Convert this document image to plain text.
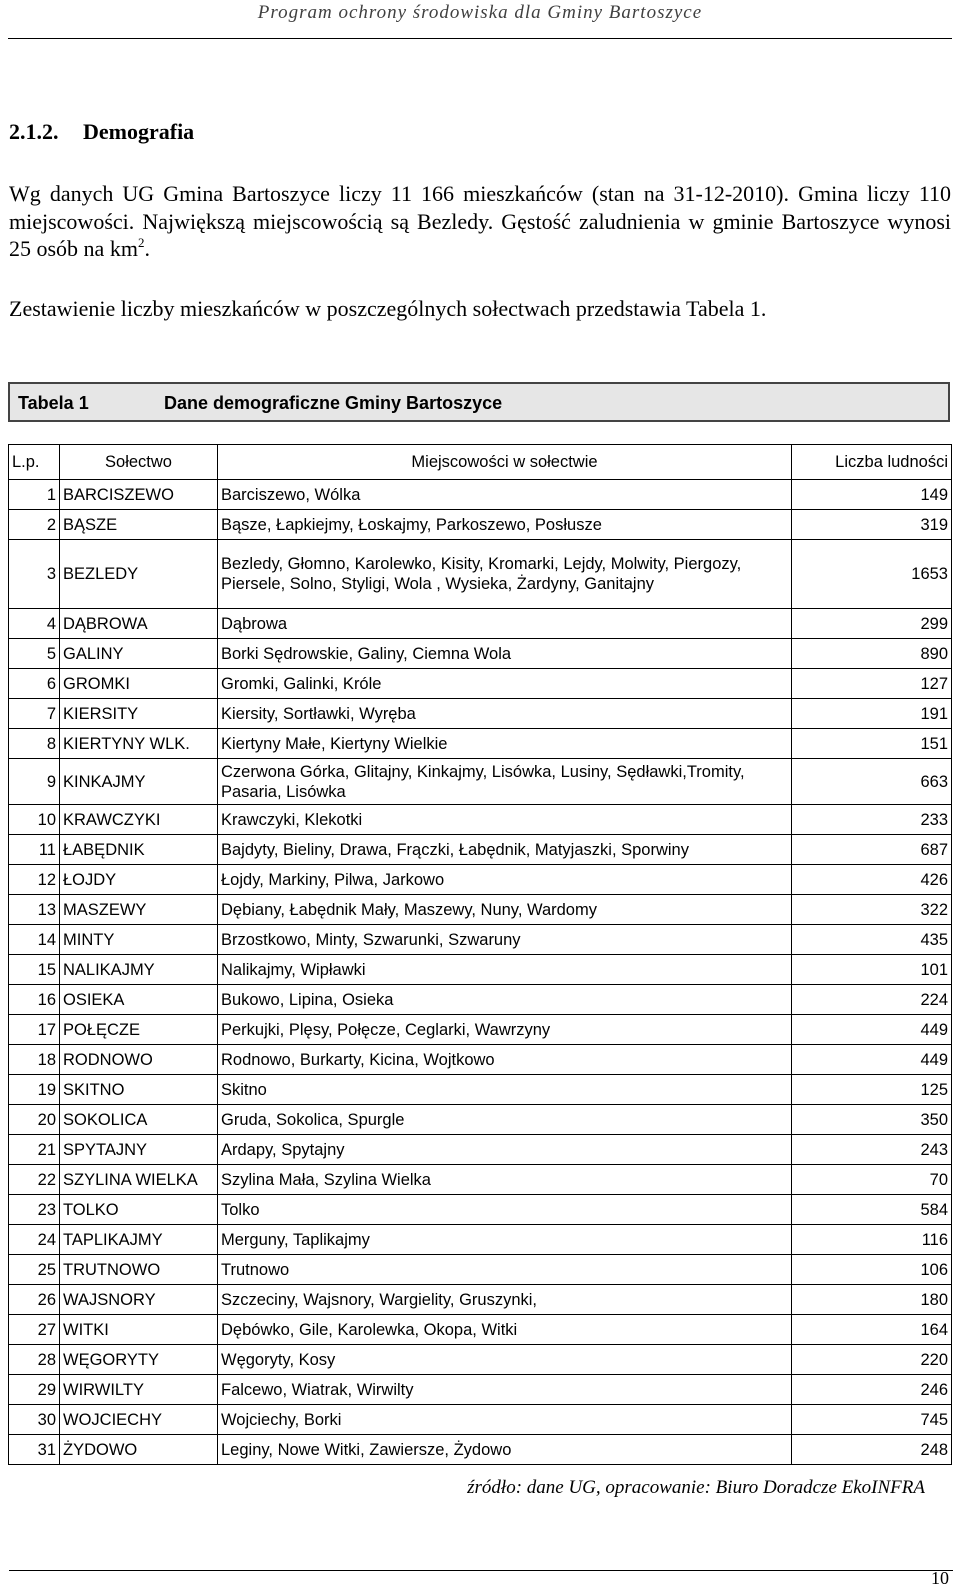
Program ochrony środowiska dla Gminy Bartoszyce
2.1.2. Demografia
Wg danych UG Gmina Bartoszyce liczy 11 166 mieszkańców (stan na 31-12-2010). Gmina liczy 110 miejscowości. Największą miejscowością są Bezledy. Gęstość zaludnienia w gminie Bartoszyce wynosi 25 osób na $km^2$.
Zestawienie liczby mieszkańców w poszczególnych sołectwach przedstawia Tabela 1.
Tabela 1	Dane demograficzne Gminy Bartoszyce
L.p.	Sołectwo	Miejscowości w sołectwie	Liczba ludności
1	BARCISZEWO	Barciszewo, Wólka	149
2	BĄSZE	Bąsze, Łapkiejmy, Łoskajmy, Parkoszewo, Posłusze	319
3	BEZLEDY	Bezledy, Głomno, Karolewko, Kisity, Kromarki, Lejdy, Molwity, Piergozy, Piersele, Solno, Styligi, Wola , Wysieka, Żardyny, Ganitajny	1653
4	DĄBROWA	Dąbrowa	299
5	GALINY	Borki Sędrowskie, Galiny, Ciemna Wola	890
6	GROMKI	Gromki, Galinki, Króle	127
7	KIERSITY	Kiersity, Sortławki, Wyręba	191
8	KIERTYNY WLK.	Kiertyny Małe, Kiertyny Wielkie	151
9	KINKAJMY	Czerwona Górka, Glitajny, Kinkajmy, Lisówka, Lusiny, Sędławki,Tromity, Pasaria, Lisówka	663
10	KRAWCZYKI	Krawczyki, Klekotki	233
11	ŁABĘDNIK	Bajdyty, Bieliny, Drawa, Frączki, Łabędnik, Matyjaszki, Sporwiny	687
12	ŁOJDY	Łojdy, Markiny, Pilwa, Jarkowo	426
13	MASZEWY	Dębiany, Łabędnik Mały, Maszewy, Nuny, Wardomy	322
14	MINTY	Brzostkowo, Minty, Szwarunki, Szwaruny	435
15	NALIKAJMY	Nalikajmy, Wipławki	101
16	OSIEKA	Bukowo, Lipina, Osieka	224
17	POŁĘCZE	Perkujki, Plęsy, Połęcze, Ceglarki, Wawrzyny	449
18	RODNOWO	Rodnowo, Burkarty, Kicina, Wojtkowo	449
19	SKITNO	Skitno	125
20	SOKOLICA	Gruda, Sokolica, Spurgle	350
21	SPYTAJNY	Ardapy, Spytajny	243
22	SZYLINA WIELKA	Szylina Mała, Szylina Wielka	70
23	TOLKO	Tolko	584
24	TAPLIKAJMY	Merguny, Taplikajmy	116
25	TRUTNOWO	Trutnowo	106
26	WAJSNORY	Szczeciny, Wajsnory, Wargielity, Gruszynki,	180
27	WITKI	Dębówko, Gile, Karolewka, Okopa, Witki	164
28	WĘGORYTY	Węgoryty, Kosy	220
29	WIRWILTY	Falcewo, Wiatrak, Wirwilty	246
30	WOJCIECHY	Wojciechy, Borki	745
31	ŻYDOWO	Leginy, Nowe Witki, Zawiersze, Żydowo	248
źródło: dane UG, opracowanie: Biuro Doradcze EkoINFRA
10
